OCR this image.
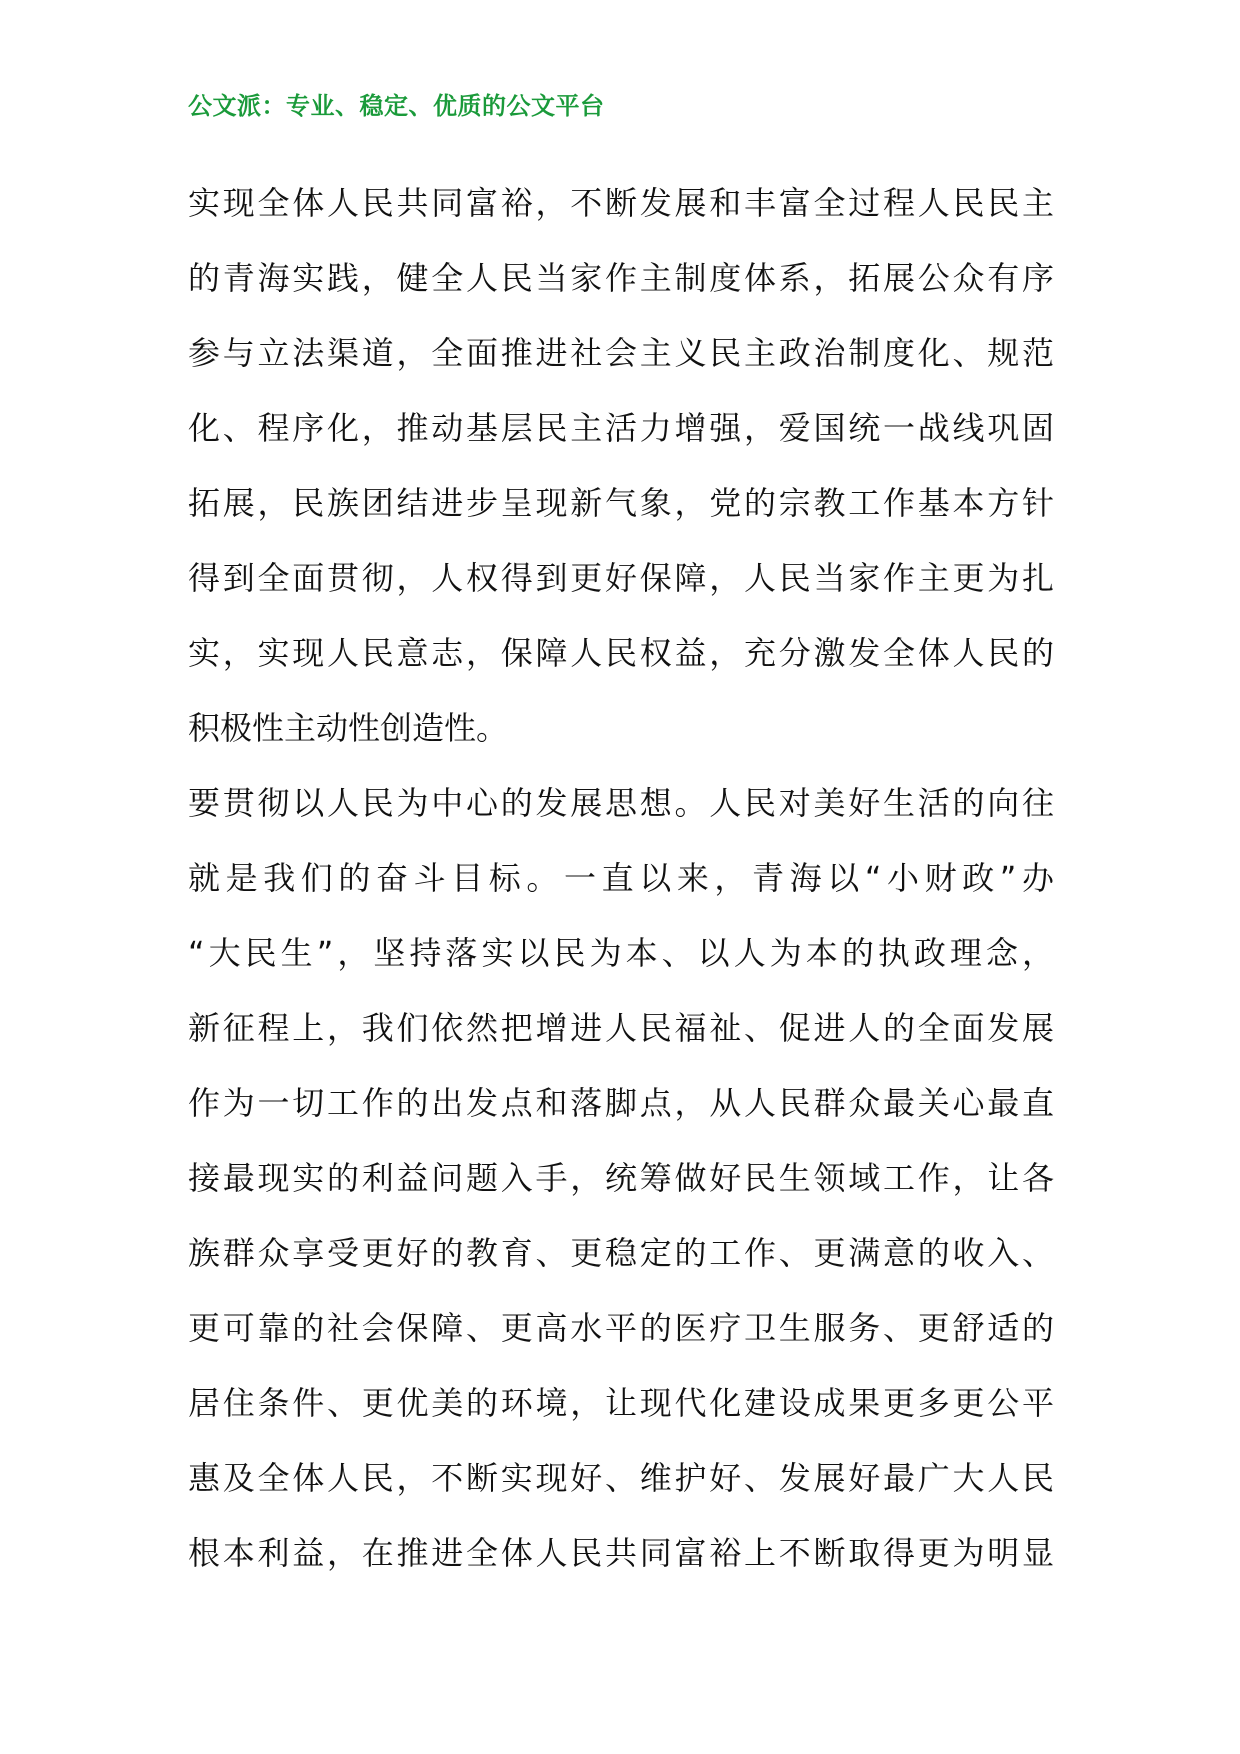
公文派：专业、稳定、优质的公文平台
实现全体人民共同富裕，不断发展和丰富全过程人民民主
的青海实践，健全人民当家作主制度体系，拓展公众有序
参与立法渠道，全面推进社会主义民主政治制度化、规范
化、程序化，推动基层民主活力增强，爱国统一战线巩固
拓展，民族团结进步呈现新气象，党的宗教工作基本方针
得到全面贯彻，人权得到更好保障，人民当家作主更为扎
实，实现人民意志，保障人民权益，充分激发全体人民的
积极性主动性创造性。
要贯彻以人民为中心的发展思想。人民对美好生活的向往
就是我们的奋斗目标。一直以来，青海以“小财政”办
“大民生”，坚持落实以民为本、以人为本的执政理念，
新征程上，我们依然把增进人民福祉、促进人的全面发展
作为一切工作的出发点和落脚点，从人民群众最关心最直
接最现实的利益问题入手，统筹做好民生领域工作，让各
族群众享受更好的教育、更稳定的工作、更满意的收入、
更可靠的社会保障、更高水平的医疗卫生服务、更舒适的
居住条件、更优美的环境，让现代化建设成果更多更公平
惠及全体人民，不断实现好、维护好、发展好最广大人民
根本利益，在推进全体人民共同富裕上不断取得更为明显
